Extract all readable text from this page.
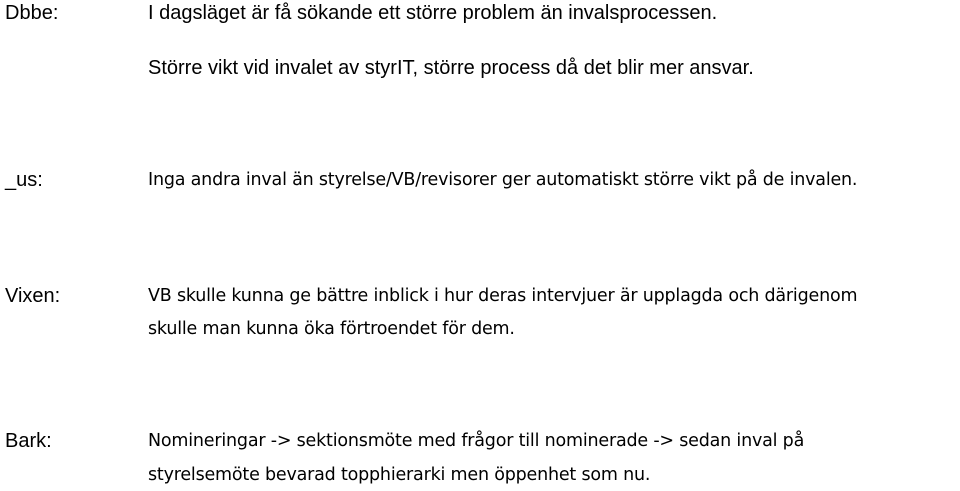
Dbbe:	I dagsläget är få sökande ett större problem än invalsprocessen.
Större vikt vid invalet av styrIT, större process då det blir mer ansvar.
_us:	Inga andra inval än styrelse/VB/revisorer ger automatiskt större vikt på de invalen.
Vixen:	VB skulle kunna ge bättre inblick i hur deras intervjuer är upplagda och därigenom
skulle man kunna öka förtroendet för dem.
Bark:	Nomineringar -> sektionsmöte med frågor till nominerade -> sedan inval på
styrelsemöte bevarad topphierarki men öppenhet som nu.
